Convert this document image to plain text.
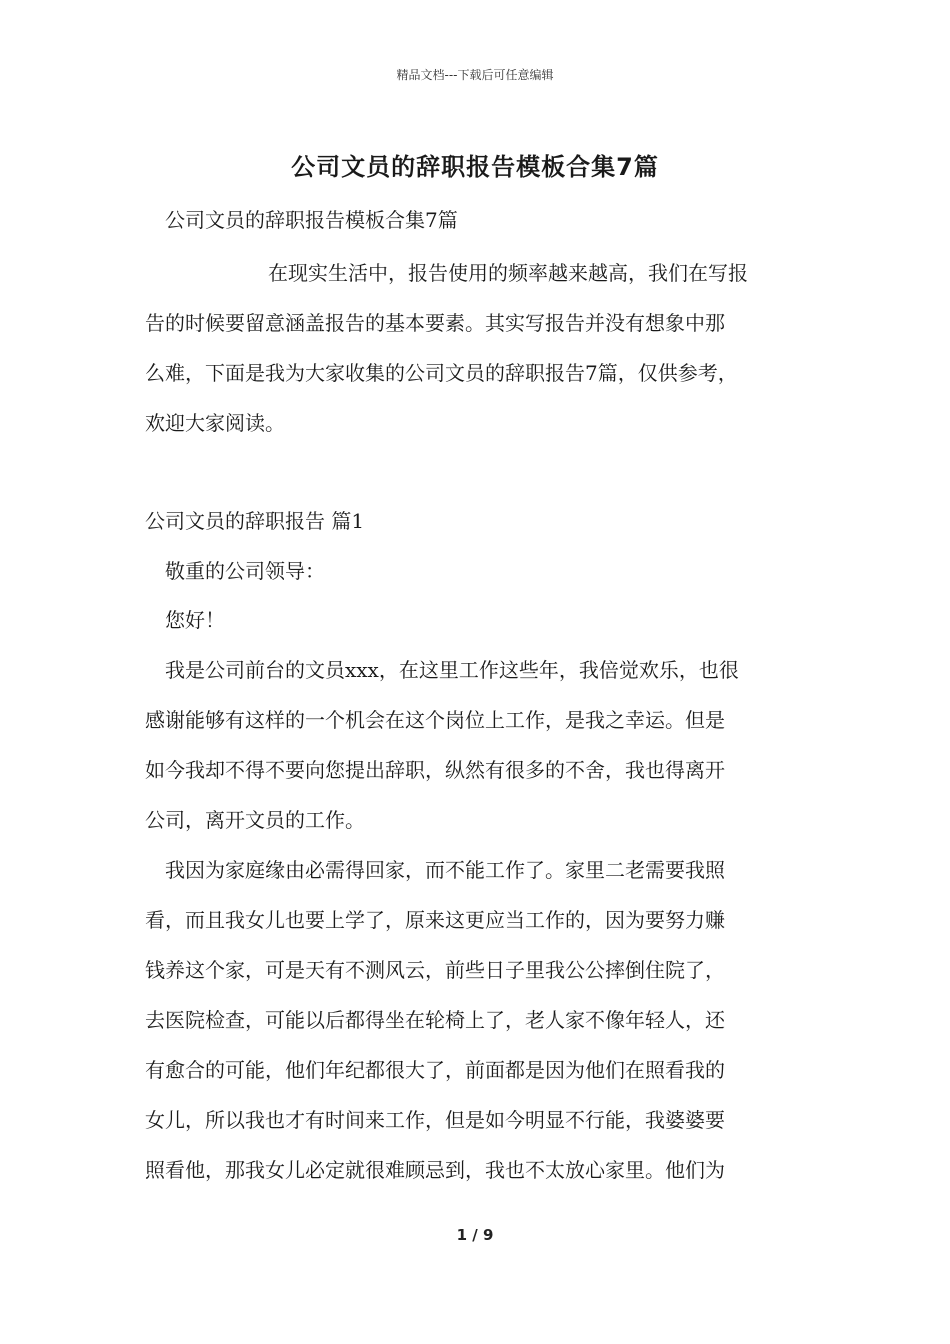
精品文档---下载后可任意编辑
公司文员的辞职报告模板合集7篇
公司文员的辞职报告模板合集7篇
在现实生活中，报告使用的频率越来越高，我们在写报
告的时候要留意涵盖报告的基本要素。其实写报告并没有想象中那
么难，下面是我为大家收集的公司文员的辞职报告7篇，仅供参考，
欢迎大家阅读。
公司文员的辞职报告 篇1
敬重的公司领导：
您好！
我是公司前台的文员xxx，在这里工作这些年，我倍觉欢乐，也很
感谢能够有这样的一个机会在这个岗位上工作，是我之幸运。但是
如今我却不得不要向您提出辞职，纵然有很多的不舍，我也得离开
公司，离开文员的工作。
我因为家庭缘由必需得回家，而不能工作了。家里二老需要我照
看，而且我女儿也要上学了，原来这更应当工作的，因为要努力赚
钱养这个家，可是天有不测风云，前些日子里我公公摔倒住院了，
去医院检查，可能以后都得坐在轮椅上了，老人家不像年轻人，还
有愈合的可能，他们年纪都很大了，前面都是因为他们在照看我的
女儿，所以我也才有时间来工作，但是如今明显不行能，我婆婆要
照看他，那我女儿必定就很难顾忌到，我也不太放心家里。他们为
1 / 9
